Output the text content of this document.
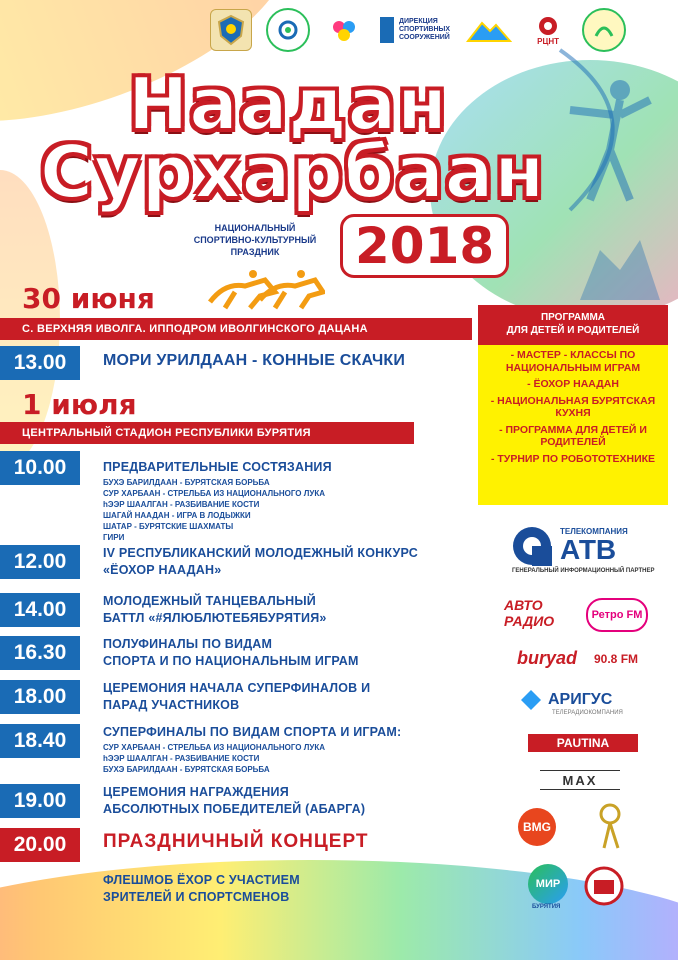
ДИРЕКЦИЯ
СПОРТИВНЫХ
СООРУЖЕНИЙ	РЦНТ
Наадан
Сурхарбаан
НАЦИОНАЛЬНЫЙ
СПОРТИВНО-КУЛЬТУРНЫЙ
ПРАЗДНИК	2018
30 июня
С. ВЕРХНЯЯ ИВОЛГА. ИППОДРОМ ИВОЛГИНСКОГО ДАЦАНА
13.00	МОРИ УРИЛДААН - КОННЫЕ СКАЧКИ
1 июля
ЦЕНТРАЛЬНЫЙ СТАДИОН РЕСПУБЛИКИ БУРЯТИЯ
10.00	ПРЕДВАРИТЕЛЬНЫЕ СОСТЯЗАНИЯ
БУХЭ БАРИЛДААН - БУРЯТСКАЯ БОРЬБА
СУР ХАРБААН - СТРЕЛЬБА ИЗ НАЦИОНАЛЬНОГО ЛУКА
hЭЭР ШААЛГАН - РАЗБИВАНИЕ КОСТИ
ШАГАЙ НААДАН - ИГРА В ЛОДЫЖКИ
ШАТАР - БУРЯТСКИЕ ШАХМАТЫ
ГИРИ
12.00	IV РЕСПУБЛИКАНСКИЙ МОЛОДЕЖНЫЙ КОНКУРС
«ЁОХОР НААДАН»
14.00	МОЛОДЕЖНЫЙ ТАНЦЕВАЛЬНЫЙ
БАТТЛ «#ЯЛЮБЛЮТЕБЯБУРЯТИЯ»
16.30	ПОЛУФИНАЛЫ ПО ВИДАМ
СПОРТА И ПО НАЦИОНАЛЬНЫМ ИГРАМ
18.00	ЦЕРЕМОНИЯ НАЧАЛА СУПЕРФИНАЛОВ И
ПАРАД УЧАСТНИКОВ
18.40	СУПЕРФИНАЛЫ ПО ВИДАМ СПОРТА И ИГРАМ:
СУР ХАРБААН - СТРЕЛЬБА ИЗ НАЦИОНАЛЬНОГО ЛУКА
hЭЭР ШААЛГАН - РАЗБИВАНИЕ КОСТИ
БУХЭ БАРИЛДААН - БУРЯТСКАЯ БОРЬБА
19.00	ЦЕРЕМОНИЯ НАГРАЖДЕНИЯ
АБСОЛЮТНЫХ ПОБЕДИТЕЛЕЙ (АБАРГА)
20.00	ПРАЗДНИЧНЫЙ КОНЦЕРТ
ФЛЕШМОБ ЁХОР С УЧАСТИЕМ
ЗРИТЕЛЕЙ И СПОРТСМЕНОВ
ПРОГРАММА
ДЛЯ ДЕТЕЙ И РОДИТЕЛЕЙ
- МАСТЕР - КЛАССЫ ПО НАЦИОНАЛЬНЫМ ИГРАМ
- ЁОХОР НААДАН
- НАЦИОНАЛЬНАЯ БУРЯТСКАЯ КУХНЯ
- ПРОГРАММА ДЛЯ ДЕТЕЙ И РОДИТЕЛЕЙ
- ТУРНИР ПО РОБОТОТЕХНИКЕ
ТЕЛЕКОМПАНИЯ
АТВ
ГЕНЕРАЛЬНЫЙ ИНФОРМАЦИОННЫЙ ПАРТНЕР
АВТО РАДИО	Ретро FM
buryad 90.8 FM
АРИГУС
ТЕЛЕРАДИОКОМПАНИЯ
PAUTINA
MAX
BMG
МИР
БУРЯТИЯ
